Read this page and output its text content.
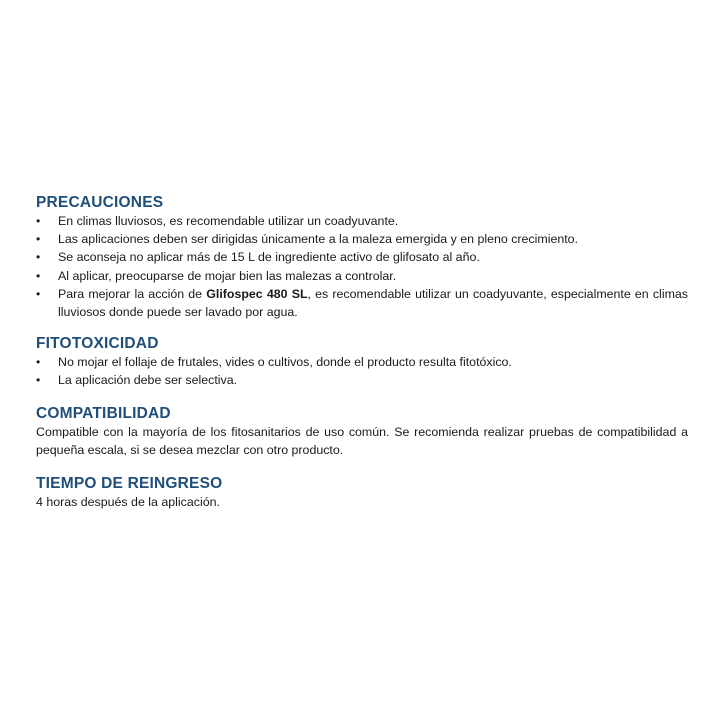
PRECAUCIONES
•	En climas lluviosos, es recomendable utilizar un coadyuvante.
•	Las aplicaciones deben ser dirigidas únicamente a la maleza emergida y en pleno crecimiento.
•	Se aconseja no aplicar más de 15 L de ingrediente activo de glifosato al año.
•	Al aplicar, preocuparse de mojar bien las malezas a controlar.
•	Para mejorar la acción de Glifospec 480 SL, es recomendable utilizar un coadyuvante, especialmente en climas lluviosos donde puede ser lavado por agua.
FITOTOXICIDAD
•	No mojar el follaje de frutales, vides o cultivos, donde el producto resulta fitotóxico.
•	La aplicación debe ser selectiva.
COMPATIBILIDAD

Compatible con la mayoría de los fitosanitarios de uso común. Se recomienda realizar pruebas de compatibilidad a pequeña escala, si se desea mezclar con otro producto.

TIEMPO DE REINGRESO

4 horas después de la aplicación.
